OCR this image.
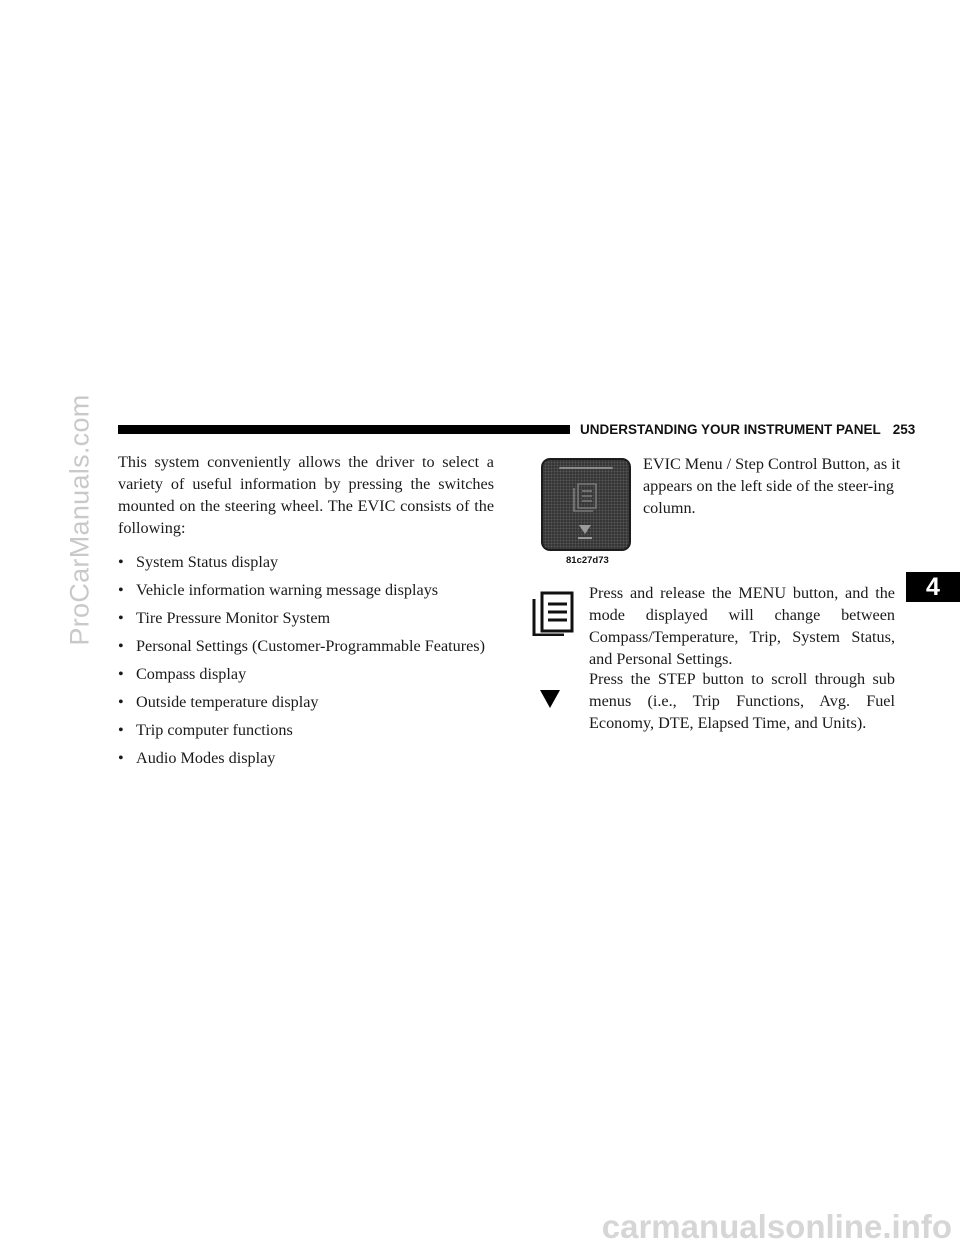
ProCarManuals.com	UNDERSTANDING YOUR INSTRUMENT PANEL 253
4

This system conveniently allows the driver to select a variety of useful information by pressing the switches mounted on the steering wheel. The EVIC consists of the following:

• System Status display
• Vehicle information warning message displays
• Tire Pressure Monitor System
• Personal Settings (Customer-Programmable Features)
• Compass display
• Outside temperature display
• Trip computer functions
• Audio Modes display
81c27d73

EVIC Menu / Step Control Button, as it appears on the left side of the steer-ing column.

Press and release the MENU button, and the mode displayed will change between Compass/Temperature, Trip, System Status, and Personal Settings.

Press the STEP button to scroll through sub menus (i.e., Trip Functions, Avg. Fuel Economy, DTE, Elapsed Time, and Units).

carmanualsonline.info
